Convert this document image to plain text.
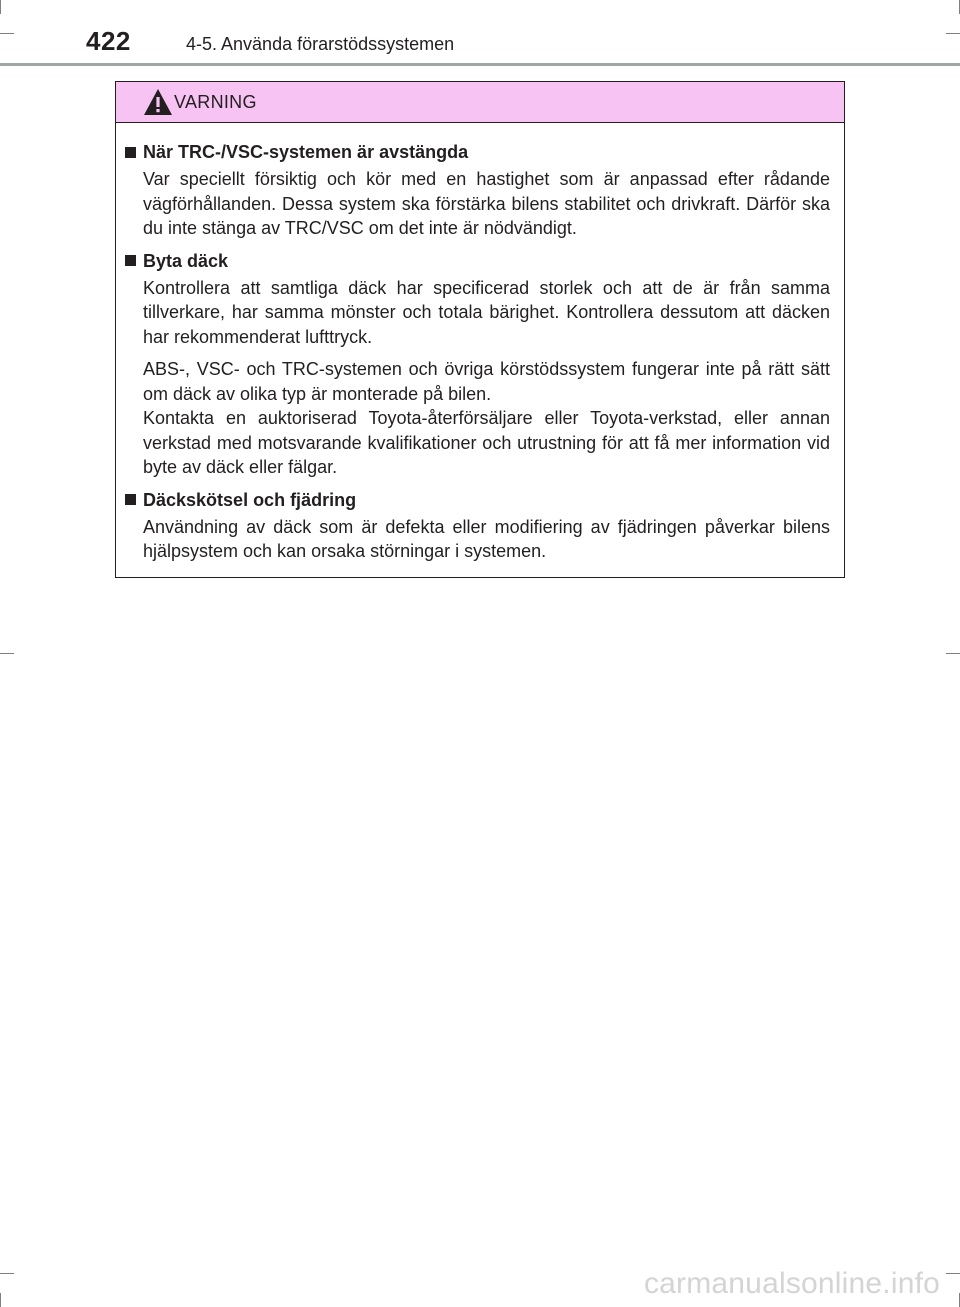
422	4-5. Använda förarstödssystemen
VARNING
När TRC-/VSC-systemen är avstängda

Var speciellt försiktig och kör med en hastighet som är anpassad efter rådande vägförhållanden. Dessa system ska förstärka bilens stabilitet och drivkraft. Därför ska du inte stänga av TRC/VSC om det inte är nödvändigt.

Byta däck

Kontrollera att samtliga däck har specificerad storlek och att de är från samma tillverkare, har samma mönster och totala bärighet. Kontrollera dessutom att däcken har rekommenderat lufttryck.

ABS-, VSC- och TRC-systemen och övriga körstödssystem fungerar inte på rätt sätt om däck av olika typ är monterade på bilen.

Kontakta en auktoriserad Toyota-återförsäljare eller Toyota-verkstad, eller annan verkstad med motsvarande kvalifikationer och utrustning för att få mer information vid byte av däck eller fälgar.

Däckskötsel och fjädring

Användning av däck som är defekta eller modifiering av fjädringen påverkar bilens hjälpsystem och kan orsaka störningar i systemen.

carmanualsonline.info
